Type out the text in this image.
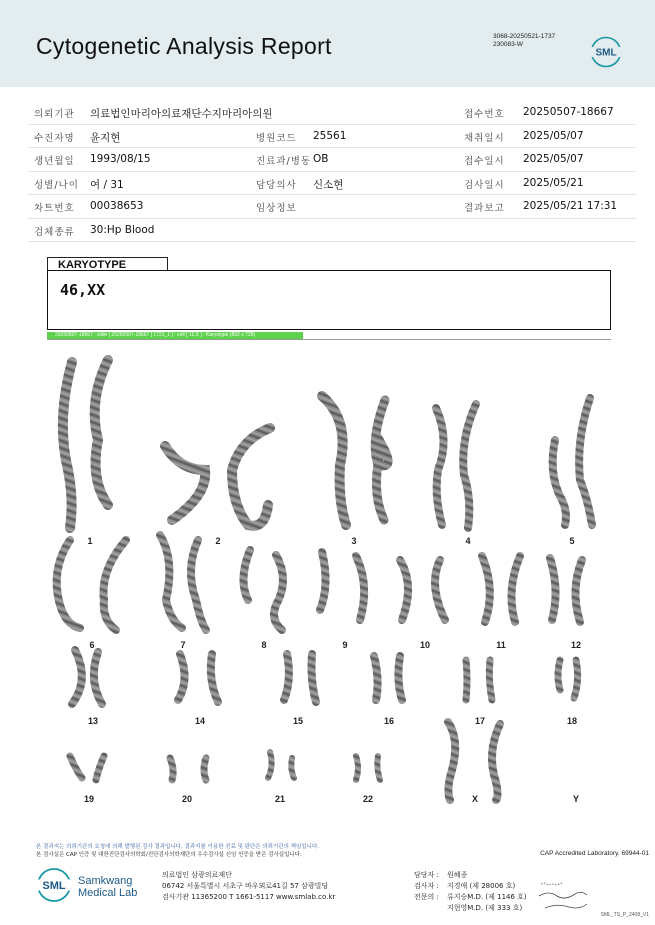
Cytogenetic Analysis Report	3068-20250521-1737
230083-W
SML
의뢰기관 의료법인마리아의료재단수지마리아의원	접수번호 20250507-18667
수진자명 윤지현	병원코드 25561	채취일시 2025/05/07
생년월일 1993/08/15	진료과/병동 OB	접수일시 2025/05/07
성별/나이 여 / 31	담당의사 신소현	검사일시 2025/05/21
차트번호 00038653	임상정보	결과보고 2025/05/21 17:31
검체종류 30:Hp Blood
KARYOTYPE
46,XX
20250507-18667 : slide [ 20250507-18667 [ 1721_1 ] : cell [ 12,X ] : Karyotype (892 x 728)
1	2	3	4	5
6	7	8	9	10	11	12
13	14	15	16	17	18
19	20	21	22	X	Y
본 결과지는 의뢰기관의 요청에 의해 발행된 검사 결과입니다. 결과지를 이용한 진료 및 판단은 의뢰기관의 책임입니다.
본 검사실은 CAP 인증 및 대한진단검사의학회/진단검사의학재단의 우수검사실 신임 인증을 받은 검사실입니다.	CAP Accredited Laboratory. 69944-01
SML Samkwang
Medical Lab
의료법인 삼광의료재단
06742 서울특별시 서초구 바우뫼로41길 57 삼광빌딩
검사기관 11365200 T 1661-5117 www.smlab.co.kr
담당자 : 원혜종
검사자 : 지경애 (제 28006 호)
전문의 : 류지승M.D. (제 1146 호)
지현영M.D. (제 333 호)
SML_TS_P_2408_V1
